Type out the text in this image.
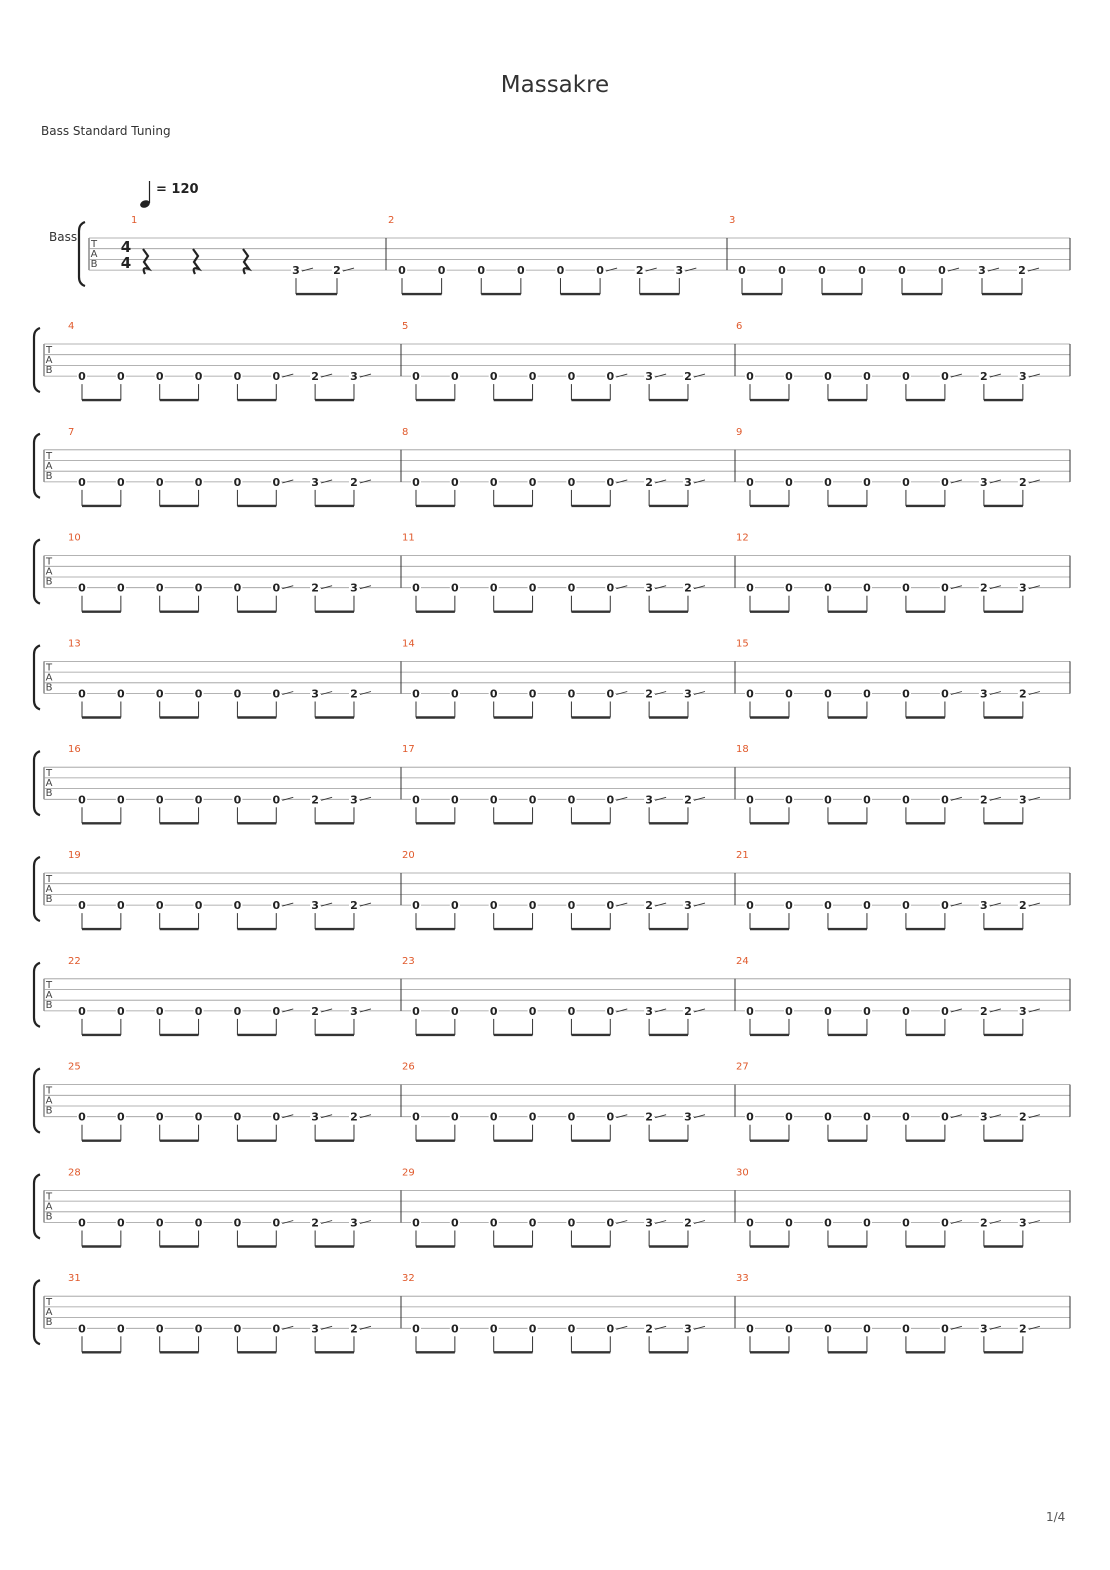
Massakre
Bass Standard Tuning
Bass
T
A
B
= 120
4
4	3	2
1	2	3
0	0	0	0	0	0	2	3	0	0	0	0	0	0	3	2
T
A
B
4	5	6
0	0	0	0	0	0	2	3	0	0	0	0	0	0	3	2	0	0	0	0	0	0	2	3
T
A
B
7	8	9
0	0	0	0	0	0	3	2	0	0	0	0	0	0	2	3	0	0	0	0	0	0	3	2
T
A
B
10	11	12
0	0	0	0	0	0	2	3	0	0	0	0	0	0	3	2	0	0	0	0	0	0	2	3
T
A
B
13	14	15
0	0	0	0	0	0	3	2	0	0	0	0	0	0	2	3	0	0	0	0	0	0	3	2
T
A
B
16	17	18
0	0	0	0	0	0	2	3	0	0	0	0	0	0	3	2	0	0	0	0	0	0	2	3
T
A
B
19	20	21
0	0	0	0	0	0	3	2	0	0	0	0	0	0	2	3	0	0	0	0	0	0	3	2
T
A
B
22	23	24
0	0	0	0	0	0	2	3	0	0	0	0	0	0	3	2	0	0	0	0	0	0	2	3
T
A
B
25	26	27
0	0	0	0	0	0	3	2	0	0	0	0	0	0	2	3	0	0	0	0	0	0	3	2
T
A
B
28	29	30
0	0	0	0	0	0	2	3	0	0	0	0	0	0	3	2	0	0	0	0	0	0	2	3
T
A
B
31	32	33
0	0	0	0	0	0	3	2	0	0	0	0	0	0	2	3	0	0	0	0	0	0	3	2
1/4
